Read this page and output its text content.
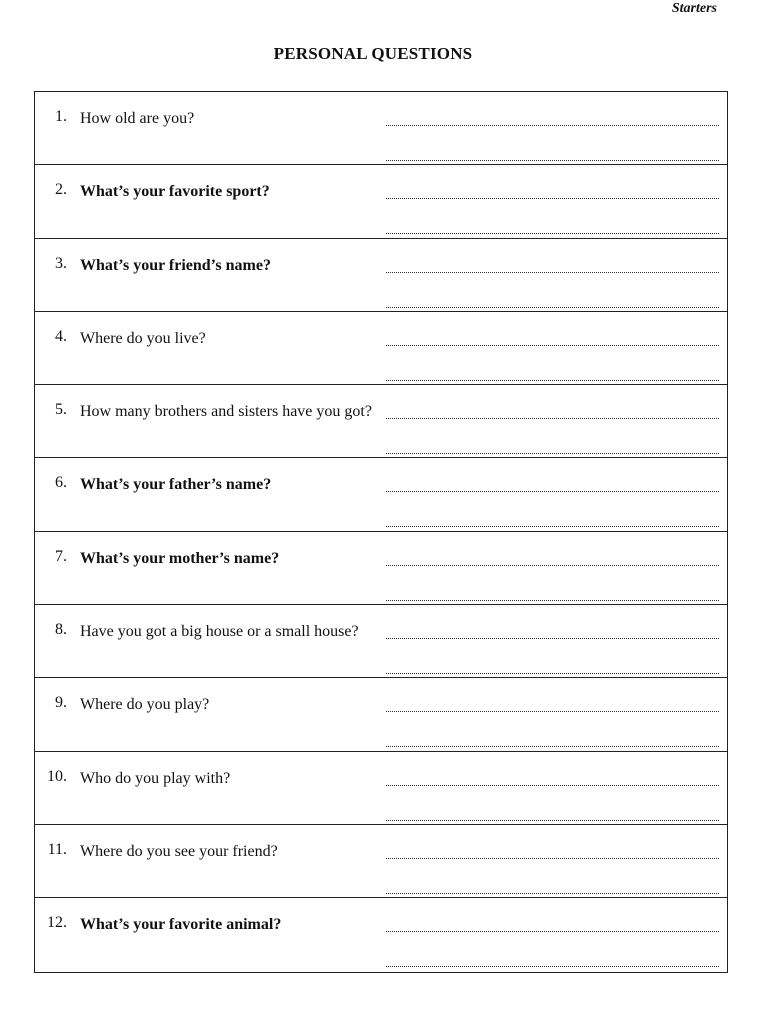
Starters
PERSONAL QUESTIONS
1. How old are you?
2. What’s your favorite sport?
3. What’s your friend’s name?
4. Where do you live?
5. How many brothers and sisters have you got?
6. What’s your father’s name?
7. What’s your mother’s name?
8. Have you got a big house or a small house?
9. Where do you play?
10. Who do you play with?
11. Where do you see your friend?
12. What’s your favorite animal?
